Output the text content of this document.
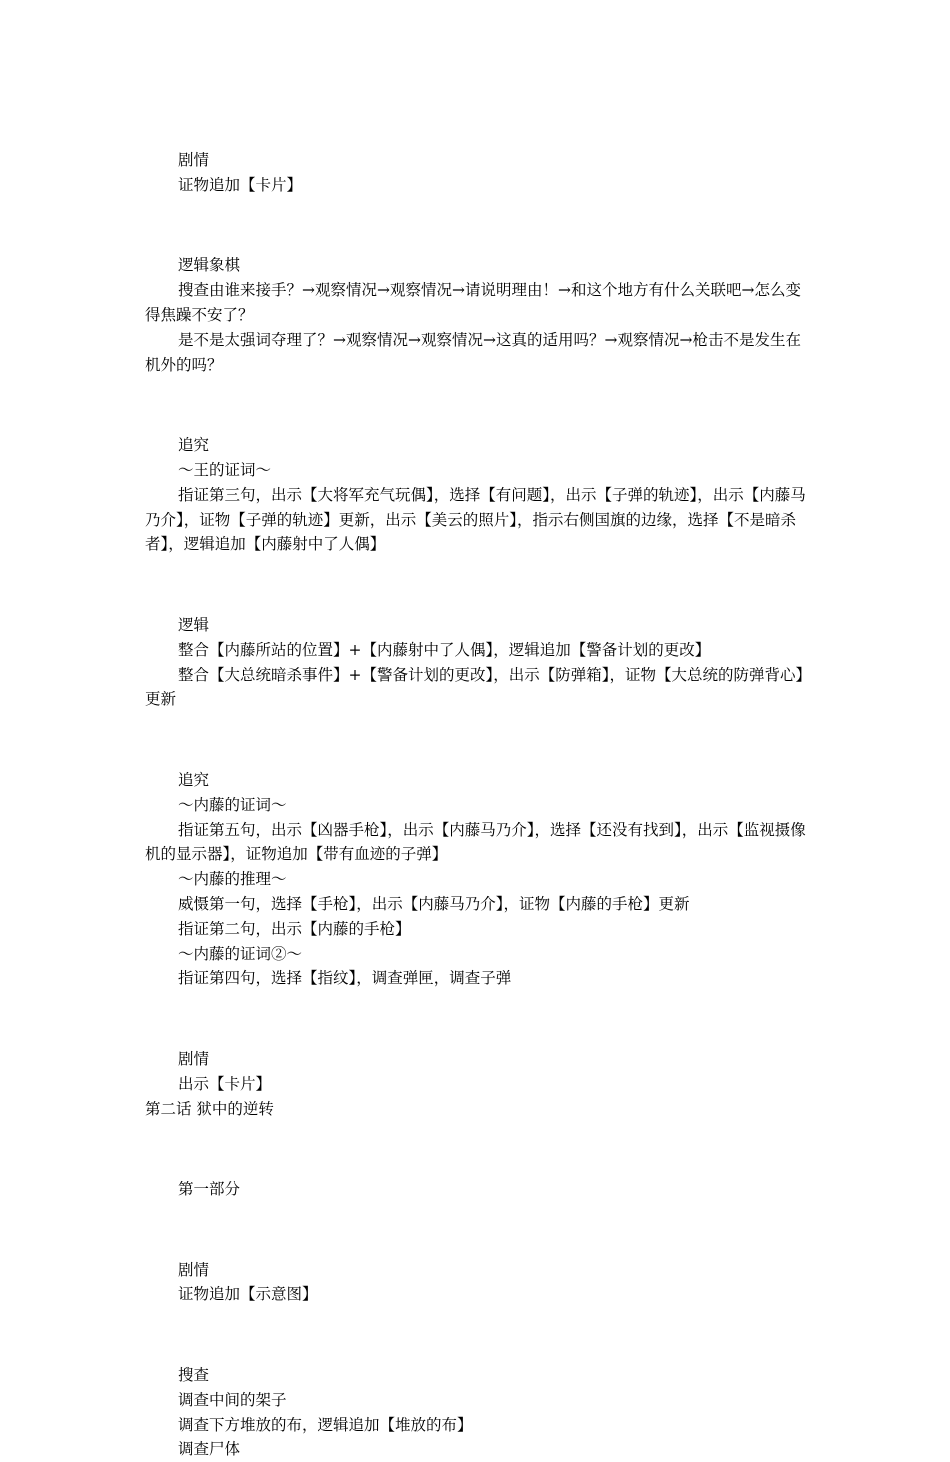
剧情

证物追加【卡片】

逻辑象棋

搜查由谁来接手？→观察情况→观察情况→请说明理由！→和这个地方有什么关联吧→怎么变得焦躁不安了？

是不是太强词夺理了？→观察情况→观察情况→这真的适用吗？→观察情况→枪击不是发生在机外的吗？

追究

～王的证词～

指证第三句，出示【大将军充气玩偶】，选择【有问题】，出示【子弹的轨迹】，出示【内藤马乃介】，证物【子弹的轨迹】更新，出示【美云的照片】，指示右侧国旗的边缘，选择【不是暗杀者】，逻辑追加【内藤射中了人偶】

逻辑

整合【内藤所站的位置】+【内藤射中了人偶】，逻辑追加【警备计划的更改】

整合【大总统暗杀事件】+【警备计划的更改】，出示【防弹箱】，证物【大总统的防弹背心】更新

追究

～内藤的证词～

指证第五句，出示【凶器手枪】，出示【内藤马乃介】，选择【还没有找到】，出示【监视摄像机的显示器】，证物追加【带有血迹的子弹】

～内藤的推理～

威慑第一句，选择【手枪】，出示【内藤马乃介】，证物【内藤的手枪】更新

指证第二句，出示【内藤的手枪】

～内藤的证词②～

指证第四句，选择【指纹】，调查弹匣，调查子弹

剧情

出示【卡片】

第二话 狱中的逆转

第一部分

剧情

证物追加【示意图】

搜查

调查中间的架子

调查下方堆放的布，逻辑追加【堆放的布】

调查尸体
